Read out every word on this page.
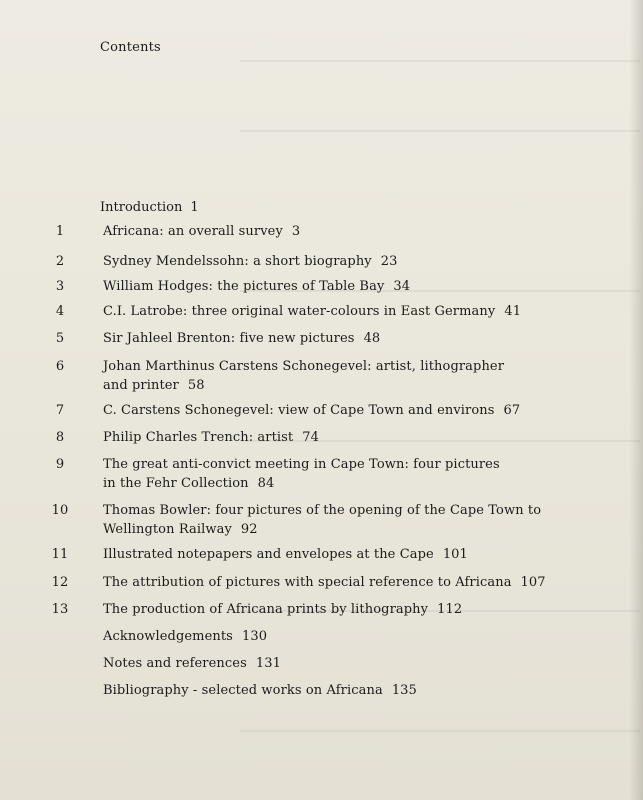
Contents
Introduction 1
1	Africana: an overall survey 3
2	Sydney Mendelssohn: a short biography 23
3	William Hodges: the pictures of Table Bay 34
4	C.I. Latrobe: three original water-colours in East Germany 41
5	Sir Jahleel Brenton: five new pictures 48
6	Johan Marthinus Carstens Schonegevel: artist, lithographer
and printer 58
7	C. Carstens Schonegevel: view of Cape Town and environs 67
8	Philip Charles Trench: artist 74
9	The great anti-convict meeting in Cape Town: four pictures
in the Fehr Collection 84
10	Thomas Bowler: four pictures of the opening of the Cape Town to
Wellington Railway 92
11	Illustrated notepapers and envelopes at the Cape 101
12	The attribution of pictures with special reference to Africana 107
13	The production of Africana prints by lithography 112
Acknowledgements 130
Notes and references 131
Bibliography - selected works on Africana 135
